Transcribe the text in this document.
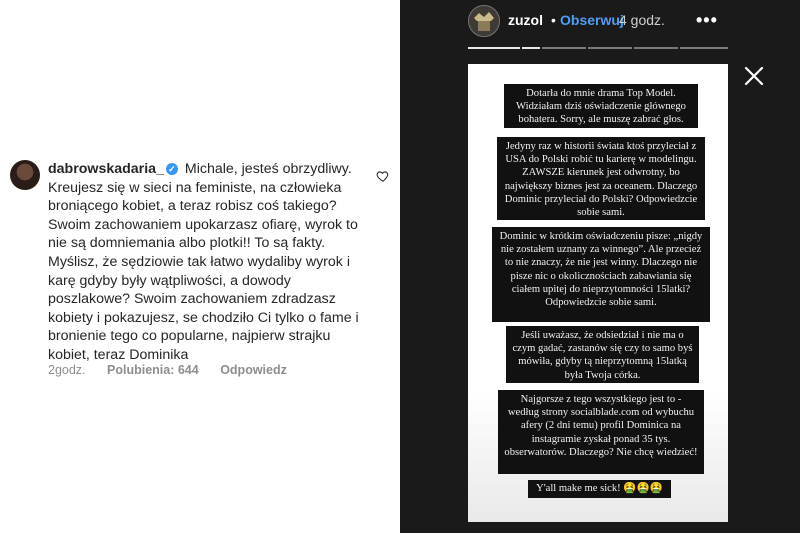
dabrowskadaria_ ✓ Michale, jesteś obrzydliwy. Kreujesz się w sieci na feministe, na człowieka broniącego kobiet, a teraz robisz coś takiego? Swoim zachowaniem upokarzasz ofiarę, wyrok to nie są domniemania albo plotki!! To są fakty. Myślisz, że sędziowie tak łatwo wydaliby wyrok i karę gdyby były wątpliwości, a dowody poszlakowe? Swoim zachowaniem zdradzasz kobiety i pokazujesz, se chodziło Ci tylko o fame i bronienie tego co popularne, najpierw strajku kobiet, teraz Dominika
2godz. Polubienia: 644 Odpowiedz
zuzol • Obserwuj
4 godz. •••
Dotarła do mnie drama Top Model. Widziałam dziś oświadczenie głównego bohatera. Sorry, ale muszę zabrać głos.
Jedyny raz w historii świata ktoś przyleciał z USA do Polski robić tu karierę w modelingu. ZAWSZE kierunek jest odwrotny, bo największy biznes jest za oceanem. Dlaczego Dominic przyleciał do Polski? Odpowiedzcie sobie sami.
Dominic w krótkim oświadczeniu pisze: „nigdy nie zostałem uznany za winnego”. Ale przecież to nie znaczy, że nie jest winny. Dlaczego nie pisze nic o okolicznościach zabawiania się ciałem upitej do nieprzytomności 15latki? Odpowiedzcie sobie sami.
Jeśli uważasz, że odsiedział i nie ma o czym gadać, zastanów się czy to samo byś mówiła, gdyby tą nieprzytomną 15latką była Twoja córka.
Najgorsze z tego wszystkiego jest to - według strony socialblade.com od wybuchu afery (2 dni temu) profil Dominica na instagramie zyskał ponad 35 tys. obserwatorów. Dlaczego? Nie chcę wiedzieć!
Y'all make me sick! 🤮🤮🤮
